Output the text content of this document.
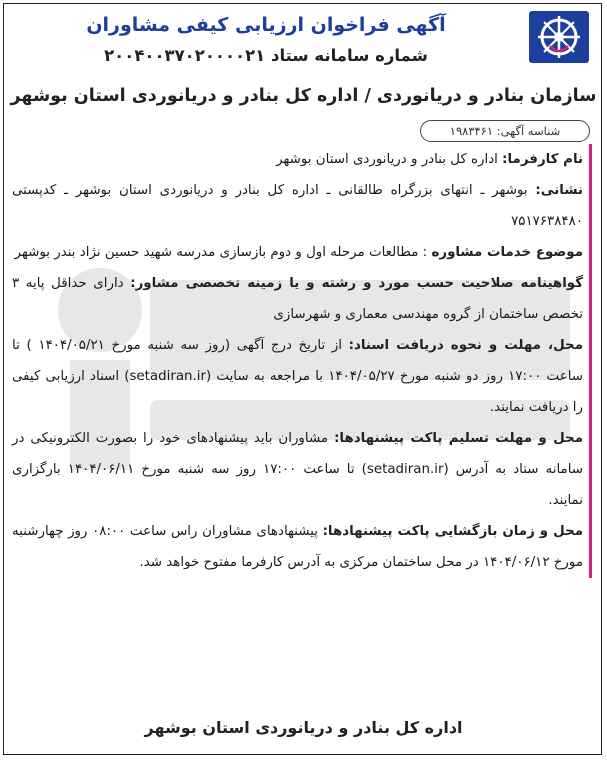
آگهی فراخوان ارزیابی کیفی مشاوران
شماره سامانه ستاد ۲۰۰۴۰۰۳۷۰۲۰۰۰۰۲۱
سازمان بنادر و دریانوردی / اداره کل بنادر و دریانوردی استان بوشهر
شناسه آگهی: ۱۹۸۳۴۶۱
نام کارفرما: اداره کل بنادر و دریانوردی استان بوشهر
نشانی: بوشهر ـ انتهای بزرگراه طالقانی ـ اداره کل بنادر و دریانوردی استان بوشهر ـ کدپستی ۷۵۱۷۶۳۸۴۸۰
موضوع خدمات مشاوره : مطالعات مرحله اول و دوم بازسازی مدرسه شهید حسین نژاد بندر بوشهر
گواهینامه صلاحیت حسب مورد و رشته و یا زمینه تخصصی مشاور: دارای حداقل پایه ۳ تخصص ساختمان از گروه مهندسی معماری و شهرسازی
محل، مهلت و نحوه دریافت اسناد: از تاریخ درج آگهی (روز سه شنبه مورخ ۱۴۰۴/۰۵/۲۱ ) تا ساعت ۱۷:۰۰ روز دو شنبه مورخ ۱۴۰۴/۰۵/۲۷ با مراجعه به سایت (setadiran.ir) اسناد ارزیابی کیفی را دریافت نمایند.
محل و مهلت تسلیم پاکت پیشنهادها: مشاوران باید پیشنهادهای خود را بصورت الکترونیکی در سامانه ستاد به آدرس (setadiran.ir) تا ساعت ۱۷:۰۰ روز سه شنبه مورخ ۱۴۰۴/۰۶/۱۱ بارگزاری نمایند.
محل و زمان بازگشایی پاکت پیشنهادها: پیشنهادهای مشاوران راس ساعت ۰۸:۰۰ روز چهارشنبه مورخ ۱۴۰۴/۰۶/۱۲ در محل ساختمان مرکزی به آدرس کارفرما مفتوح خواهد شد.
اداره کل بنادر و دریانوردی استان بوشهر
